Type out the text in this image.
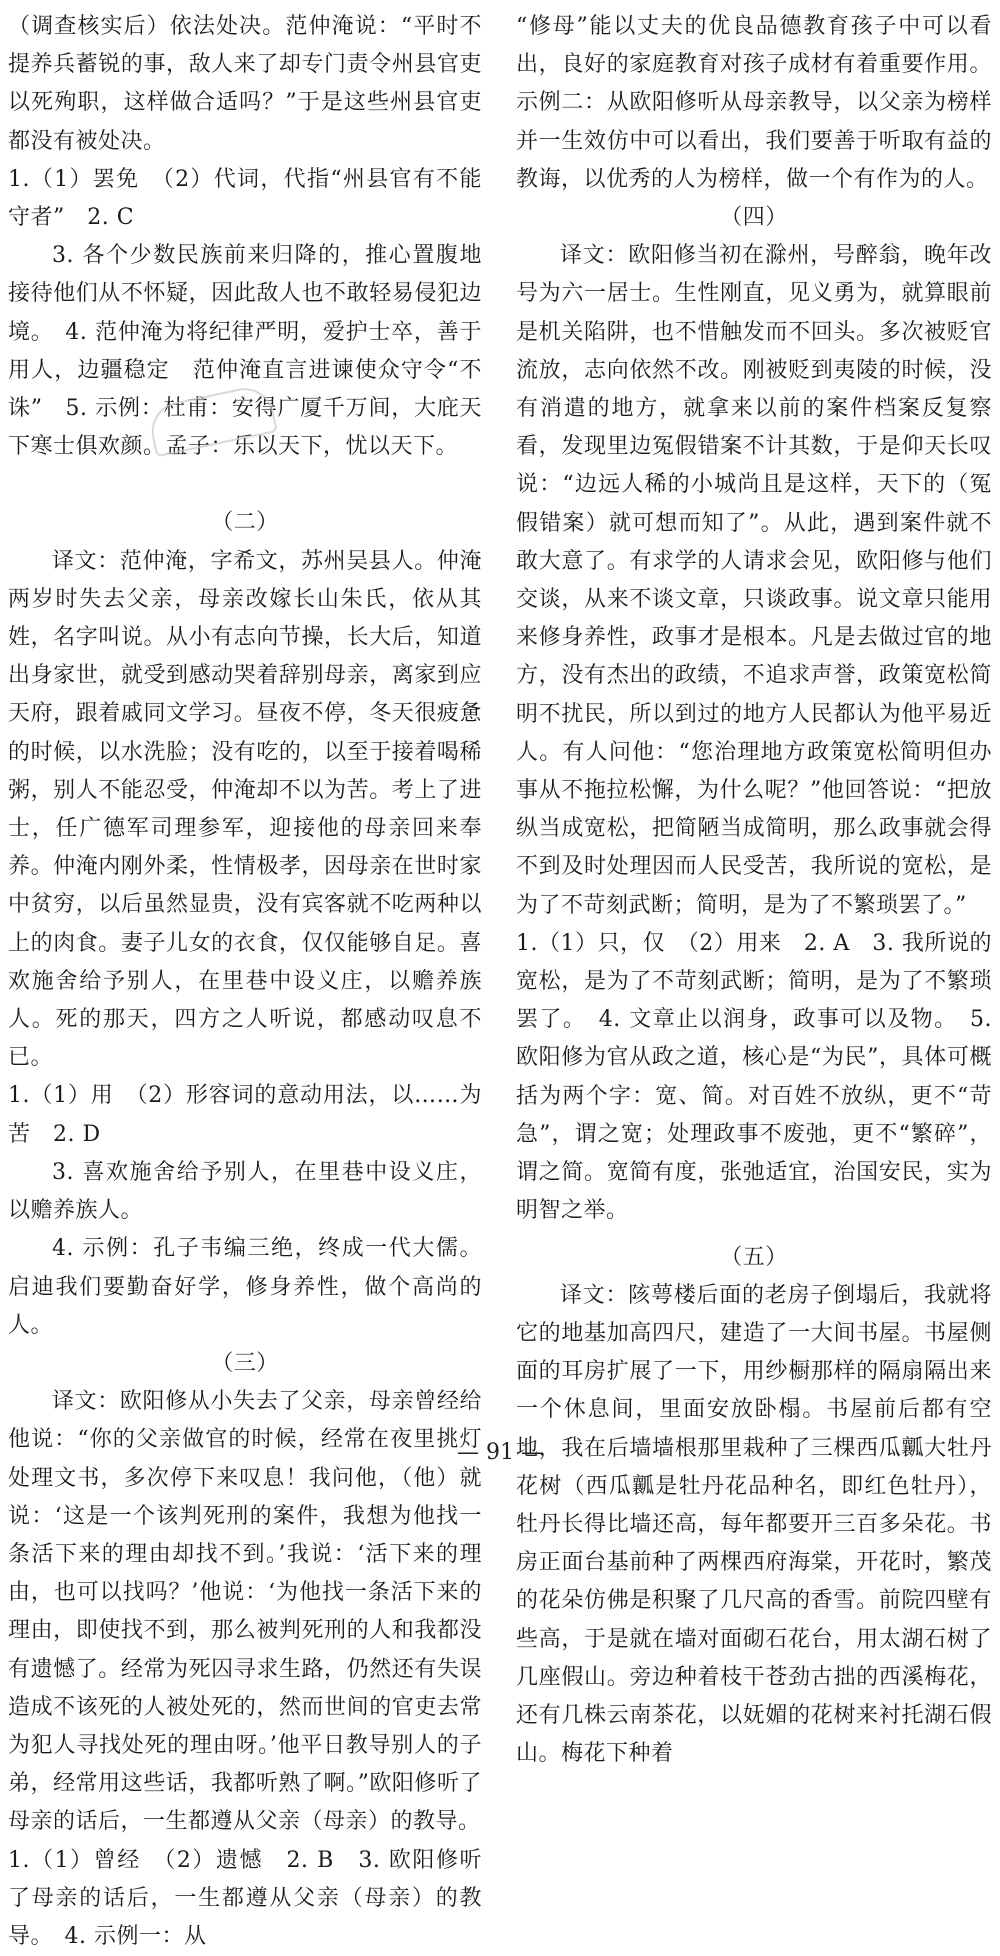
（调查核实后）依法处决。范仲淹说：“平时不提养兵蓄锐的事，敌人来了却专门责令州县官吏以死殉职，这样做合适吗？”于是这些州县官吏都没有被处决。

1.（1）罢免　（2）代词，代指“州县官有不能守者”　2. C

3. 各个少数民族前来归降的，推心置腹地接待他们从不怀疑，因此敌人也不敢轻易侵犯边境。　4. 范仲淹为将纪律严明，爱护士卒，善于用人，边疆稳定　范仲淹直言进谏使众守令“不诛”　5. 示例：杜甫：安得广厦千万间，大庇天下寒士俱欢颜。孟子：乐以天下，忧以天下。

（二）

译文：范仲淹，字希文，苏州吴县人。仲淹两岁时失去父亲，母亲改嫁长山朱氏，依从其姓，名字叫说。从小有志向节操，长大后，知道出身家世，就受到感动哭着辞别母亲，离家到应天府，跟着戚同文学习。昼夜不停，冬天很疲惫的时候，以水洗脸；没有吃的，以至于接着喝稀粥，别人不能忍受，仲淹却不以为苦。考上了进士，任广德军司理参军，迎接他的母亲回来奉养。仲淹内刚外柔，性情极孝，因母亲在世时家中贫穷，以后虽然显贵，没有宾客就不吃两种以上的肉食。妻子儿女的衣食，仅仅能够自足。喜欢施舍给予别人，在里巷中设义庄，以赡养族人。死的那天，四方之人听说，都感动叹息不已。

1.（1）用　（2）形容词的意动用法，以……为苦　2. D

3. 喜欢施舍给予别人，在里巷中设义庄，以赡养族人。

4. 示例：孔子韦编三绝，终成一代大儒。启迪我们要勤奋好学，修身养性，做个高尚的人。

（三）

译文：欧阳修从小失去了父亲，母亲曾经给他说：“你的父亲做官的时候，经常在夜里挑灯处理文书，多次停下来叹息！我问他，（他）就说：‘这是一个该判死刑的案件，我想为他找一条活下来的理由却找不到。’我说：‘活下来的理由，也可以找吗？’他说：‘为他找一条活下来的理由，即使找不到，那么被判死刑的人和我都没有遗憾了。经常为死囚寻求生路，仍然还有失误造成不该死的人被处死的，然而世间的官吏去常为犯人寻找处死的理由呀。’他平日教导别人的子弟，经常用这些话，我都听熟了啊。”欧阳修听了母亲的话后，一生都遵从父亲（母亲）的教导。

1.（1）曾经　（2）遗憾　2. B　3. 欧阳修听了母亲的话后，一生都遵从父亲（母亲）的教导。　4. 示例一：从

“修母”能以丈夫的优良品德教育孩子中可以看出，良好的家庭教育对孩子成材有着重要作用。示例二：从欧阳修听从母亲教导，以父亲为榜样并一生效仿中可以看出，我们要善于听取有益的教诲，以优秀的人为榜样，做一个有作为的人。

（四）

译文：欧阳修当初在滁州，号醉翁，晚年改号为六一居士。生性刚直，见义勇为，就算眼前是机关陷阱，也不惜触发而不回头。多次被贬官流放，志向依然不改。刚被贬到夷陵的时候，没有消遣的地方，就拿来以前的案件档案反复察看，发现里边冤假错案不计其数，于是仰天长叹说：“边远人稀的小城尚且是这样，天下的（冤假错案）就可想而知了”。从此，遇到案件就不敢大意了。有求学的人请求会见，欧阳修与他们交谈，从来不谈文章，只谈政事。说文章只能用来修身养性，政事才是根本。凡是去做过官的地方，没有杰出的政绩，不追求声誉，政策宽松简明不扰民，所以到过的地方人民都认为他平易近人。有人问他：“您治理地方政策宽松简明但办事从不拖拉松懈，为什么呢？”他回答说：“把放纵当成宽松，把简陋当成简明，那么政事就会得不到及时处理因而人民受苦，我所说的宽松，是为了不苛刻武断；简明，是为了不繁琐罢了。”

1.（1）只，仅　（2）用来　2. A　3. 我所说的宽松，是为了不苛刻武断；简明，是为了不繁琐罢了。　4. 文章止以润身，政事可以及物。　5. 欧阳修为官从政之道，核心是“为民”，具体可概括为两个字：宽、简。对百姓不放纵，更不“苛急”，谓之宽；处理政事不废弛，更不“繁碎”，谓之简。宽简有度，张弛适宜，治国安民，实为明智之举。

（五）

译文：陔萼楼后面的老房子倒塌后，我就将它的地基加高四尺，建造了一大间书屋。书屋侧面的耳房扩展了一下，用纱橱那样的隔扇隔出来一个休息间，里面安放卧榻。书屋前后都有空地，我在后墙墙根那里栽种了三棵西瓜瓤大牡丹花树（西瓜瓤是牡丹花品种名，即红色牡丹），牡丹长得比墙还高，每年都要开三百多朵花。书房正面台基前种了两棵西府海棠，开花时，繁茂的花朵仿佛是积聚了几尺高的香雪。前院四壁有些高，于是就在墙对面砌石花台，用太湖石树了几座假山。旁边种着枝干苍劲古拙的西溪梅花，还有几株云南茶花，以妩媚的花树来衬托湖石假山。梅花下种着

— 91 —
